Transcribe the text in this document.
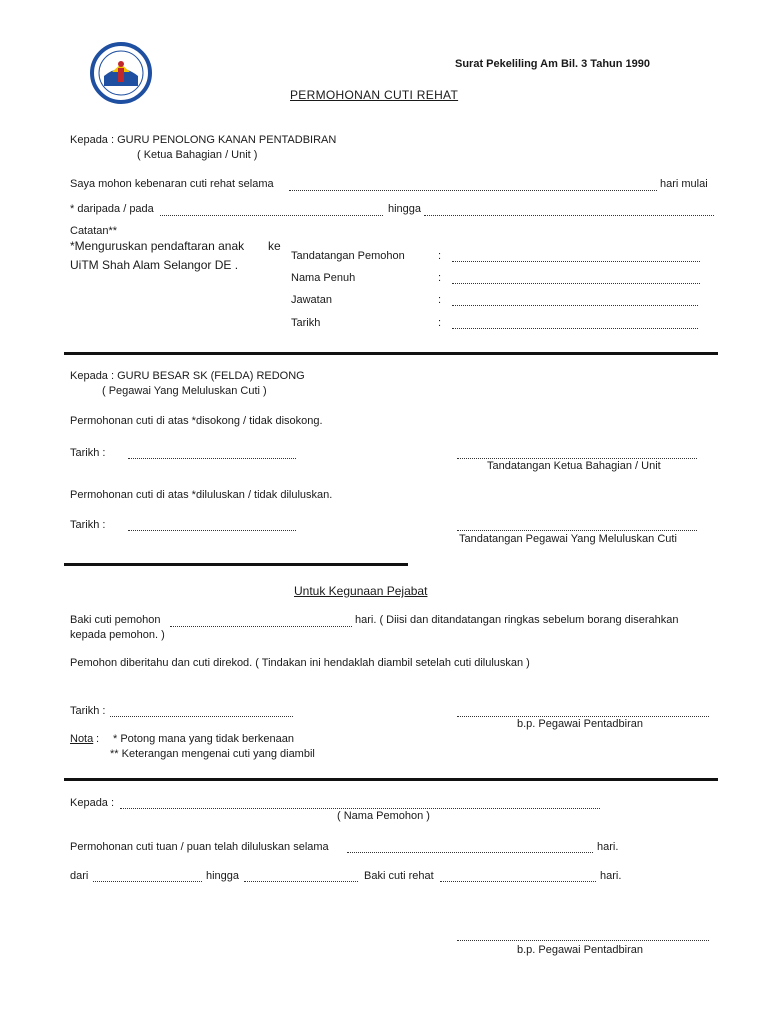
Surat Pekeliling Am Bil. 3 Tahun 1990
PERMOHONAN CUTI REHAT
Kepada : GURU PENOLONG KANAN PENTADBIRAN
( Ketua Bahagian / Unit )
Saya mohon kebenaran cuti rehat selama	hari mulai
* daripada / pada	hingga
Catatan**
*Menguruskan pendaftaran anak ke
UiTM Shah Alam Selangor DE .
Tandatangan Pemohon	:
Nama Penuh	:
Jawatan	:
Tarikh	:
Kepada : GURU BESAR SK (FELDA) REDONG
( Pegawai Yang Meluluskan Cuti )
Permohonan cuti di atas *disokong / tidak disokong.
Tarikh :
Tandatangan Ketua Bahagian / Unit
Permohonan cuti di atas *diluluskan / tidak diluluskan.
Tarikh :
Tandatangan Pegawai Yang Meluluskan Cuti
Untuk Kegunaan Pejabat
Baki cuti pemohon	hari. ( Diisi dan ditandatangan ringkas sebelum borang diserahkan
kepada pemohon. )
Pemohon diberitahu dan cuti direkod. ( Tindakan ini hendaklah diambil setelah cuti diluluskan )
Tarikh :
b.p. Pegawai Pentadbiran
Nota : * Potong mana yang tidak berkenaan
** Keterangan mengenai cuti yang diambil
Kepada :
( Nama Pemohon )
Permohonan cuti tuan / puan telah diluluskan selama	hari.
dari	hingga	Baki cuti rehat	hari.
b.p. Pegawai Pentadbiran
